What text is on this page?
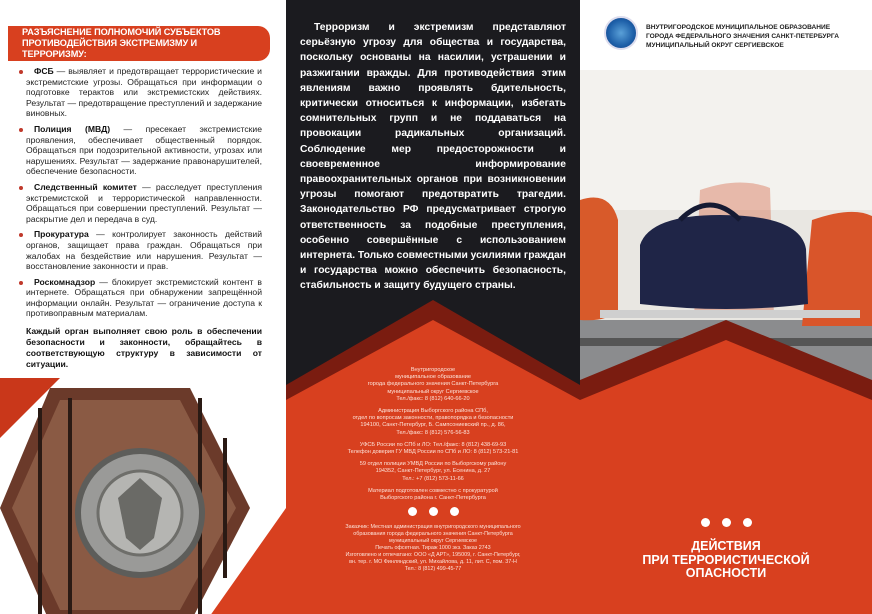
РАЗЪЯСНЕНИЕ ПОЛНОМОЧИЙ СУБЪЕКТОВ ПРОТИВОДЕЙСТВИЯ ЭКСТРЕМИЗМУ И ТЕРРОРИЗМУ:
ФСБ — выявляет и предотвращает террористические и экстремистские угрозы. Обращаться при информации о подготовке терактов или экстремистских действиях. Результат — предотвращение преступлений и задержание виновных.
Полиция (МВД) — пресекает экстремистские проявления, обеспечивает общественный порядок. Обращаться при подозрительной активности, угрозах или нарушениях. Результат — задержание правонарушителей, обеспечение безопасности.
Следственный комитет — расследует преступления экстремистской и террористической направленности. Обращаться при совершении преступлений. Результат — раскрытие дел и передача в суд.
Прокуратура — контролирует законность действий органов, защищает права граждан. Обращаться при жалобах на бездействие или нарушения. Результат — восстановление законности и прав.
Роскомнадзор — блокирует экстремистский контент в интернете. Обращаться при обнаружении запрещённой информации онлайн. Результат — ограничение доступа к противоправным материалам.
Каждый орган выполняет свою роль в обеспечении безопасности и законности, обращайтесь в соответствующую структуру в зависимости от ситуации.
Терроризм и экстремизм представляют серьёзную угрозу для общества и государства, поскольку основаны на насилии, устрашении и разжигании вражды. Для противодействия этим явлениям важно проявлять бдительность, критически относиться к информации, избегать сомнительных групп и не поддаваться на провокации радикальных организаций. Соблюдение мер предосторожности и своевременное информирование правоохранительных органов при возникновении угрозы помогают предотвратить трагедии. Законодательство РФ предусматривает строгую ответственность за подобные преступления, особенно совершённые с использованием интернета. Только совместными усилиями граждан и государства можно обеспечить безопасность, стабильность и защиту будущего страны.

Внутригородское
муниципальное образование
города федерального значения Санкт-Петербурга
муниципальный округ Сергиевское
Тел./факс: 8 (812) 640-66-20

Администрация Выборгского района СПб,
отдел по вопросам законности, правопорядка и безопасности
194100, Санкт-Петербург, Б. Сампсониевский пр., д. 86,
Тел./факс: 8 (812) 576-56-83

УФСБ России по СПб и ЛО: Тел./факс: 8 (812) 438-69-93
Телефон доверия ГУ МВД России по СПб и ЛО: 8 (812) 573-21-81

59 отдел полиции УМВД России по Выборгскому району
194352, Санкт-Петербург, ул. Есенина, д. 27
Тел.: +7 (812) 573-11-66

Материал подготовлен совместно с прокуратурой
Выборгского района г. Санкт-Петербурга

Заказчик: Местная администрация внутригородского муниципального
образования города федерального значения Санкт-Петербурга
муниципальный округ Сергиевское
Печать офсетная. Тираж 1000 экз. Заказ 2743
Изготовлено и отпечатано: ООО «Д АРТ», 195009, г. Санкт-Петербург,
вн. тер. г. МО Финляндский, ул. Михайлова, д. 11, лит. С, пом. 37-Н
Тел.: 8 (812) 499-45-77
ВНУТРИГОРОДСКОЕ МУНИЦИПАЛЬНОЕ ОБРАЗОВАНИЕ
ГОРОДА ФЕДЕРАЛЬНОГО ЗНАЧЕНИЯ САНКТ-ПЕТЕРБУРГА
МУНИЦИПАЛЬНЫЙ ОКРУГ СЕРГИЕВСКОЕ
ДЕЙСТВИЯ
ПРИ ТЕРРОРИСТИЧЕСКОЙ
ОПАСНОСТИ
